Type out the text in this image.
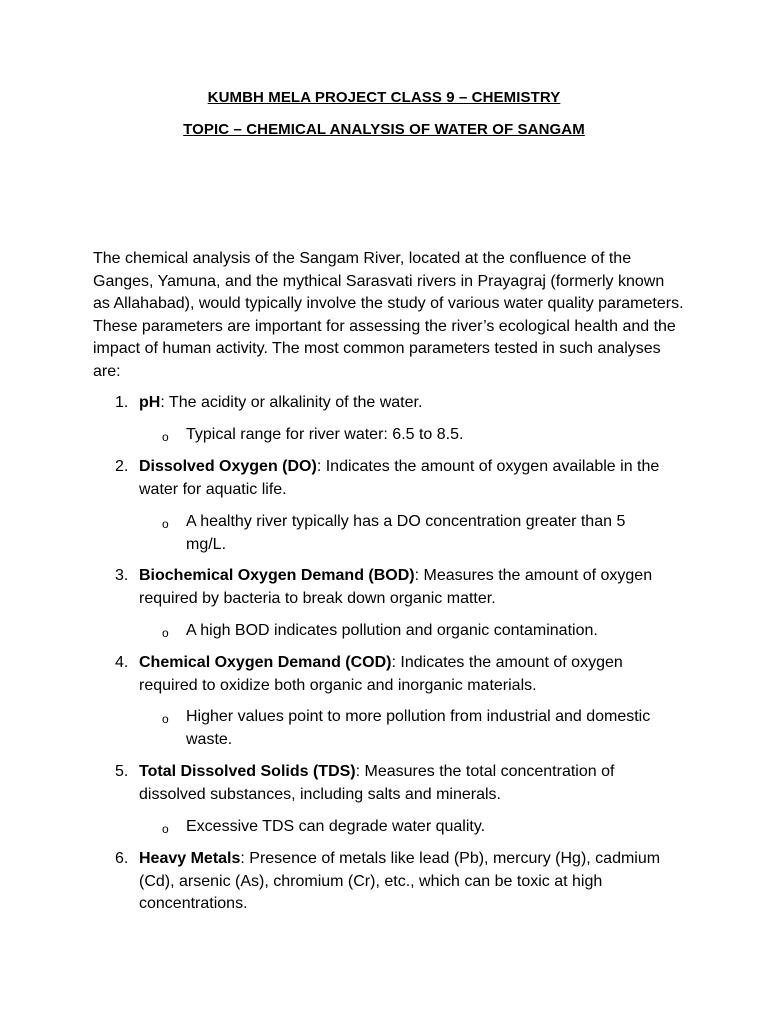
KUMBH MELA PROJECT CLASS 9 – CHEMISTRY
TOPIC – CHEMICAL ANALYSIS OF WATER OF SANGAM

The chemical analysis of the Sangam River, located at the confluence of the Ganges, Yamuna, and the mythical Sarasvati rivers in Prayagraj (formerly known as Allahabad), would typically involve the study of various water quality parameters. These parameters are important for assessing the river’s ecological health and the impact of human activity. The most common parameters tested in such analyses are:

1. pH: The acidity or alkalinity of the water.
o Typical range for river water: 6.5 to 8.5.
2. Dissolved Oxygen (DO): Indicates the amount of oxygen available in the water for aquatic life.
o A healthy river typically has a DO concentration greater than 5 mg/L.
3. Biochemical Oxygen Demand (BOD): Measures the amount of oxygen required by bacteria to break down organic matter.
o A high BOD indicates pollution and organic contamination.
4. Chemical Oxygen Demand (COD): Indicates the amount of oxygen required to oxidize both organic and inorganic materials.
o Higher values point to more pollution from industrial and domestic waste.
5. Total Dissolved Solids (TDS): Measures the total concentration of dissolved substances, including salts and minerals.
o Excessive TDS can degrade water quality.
6. Heavy Metals: Presence of metals like lead (Pb), mercury (Hg), cadmium (Cd), arsenic (As), chromium (Cr), etc., which can be toxic at high concentrations.
